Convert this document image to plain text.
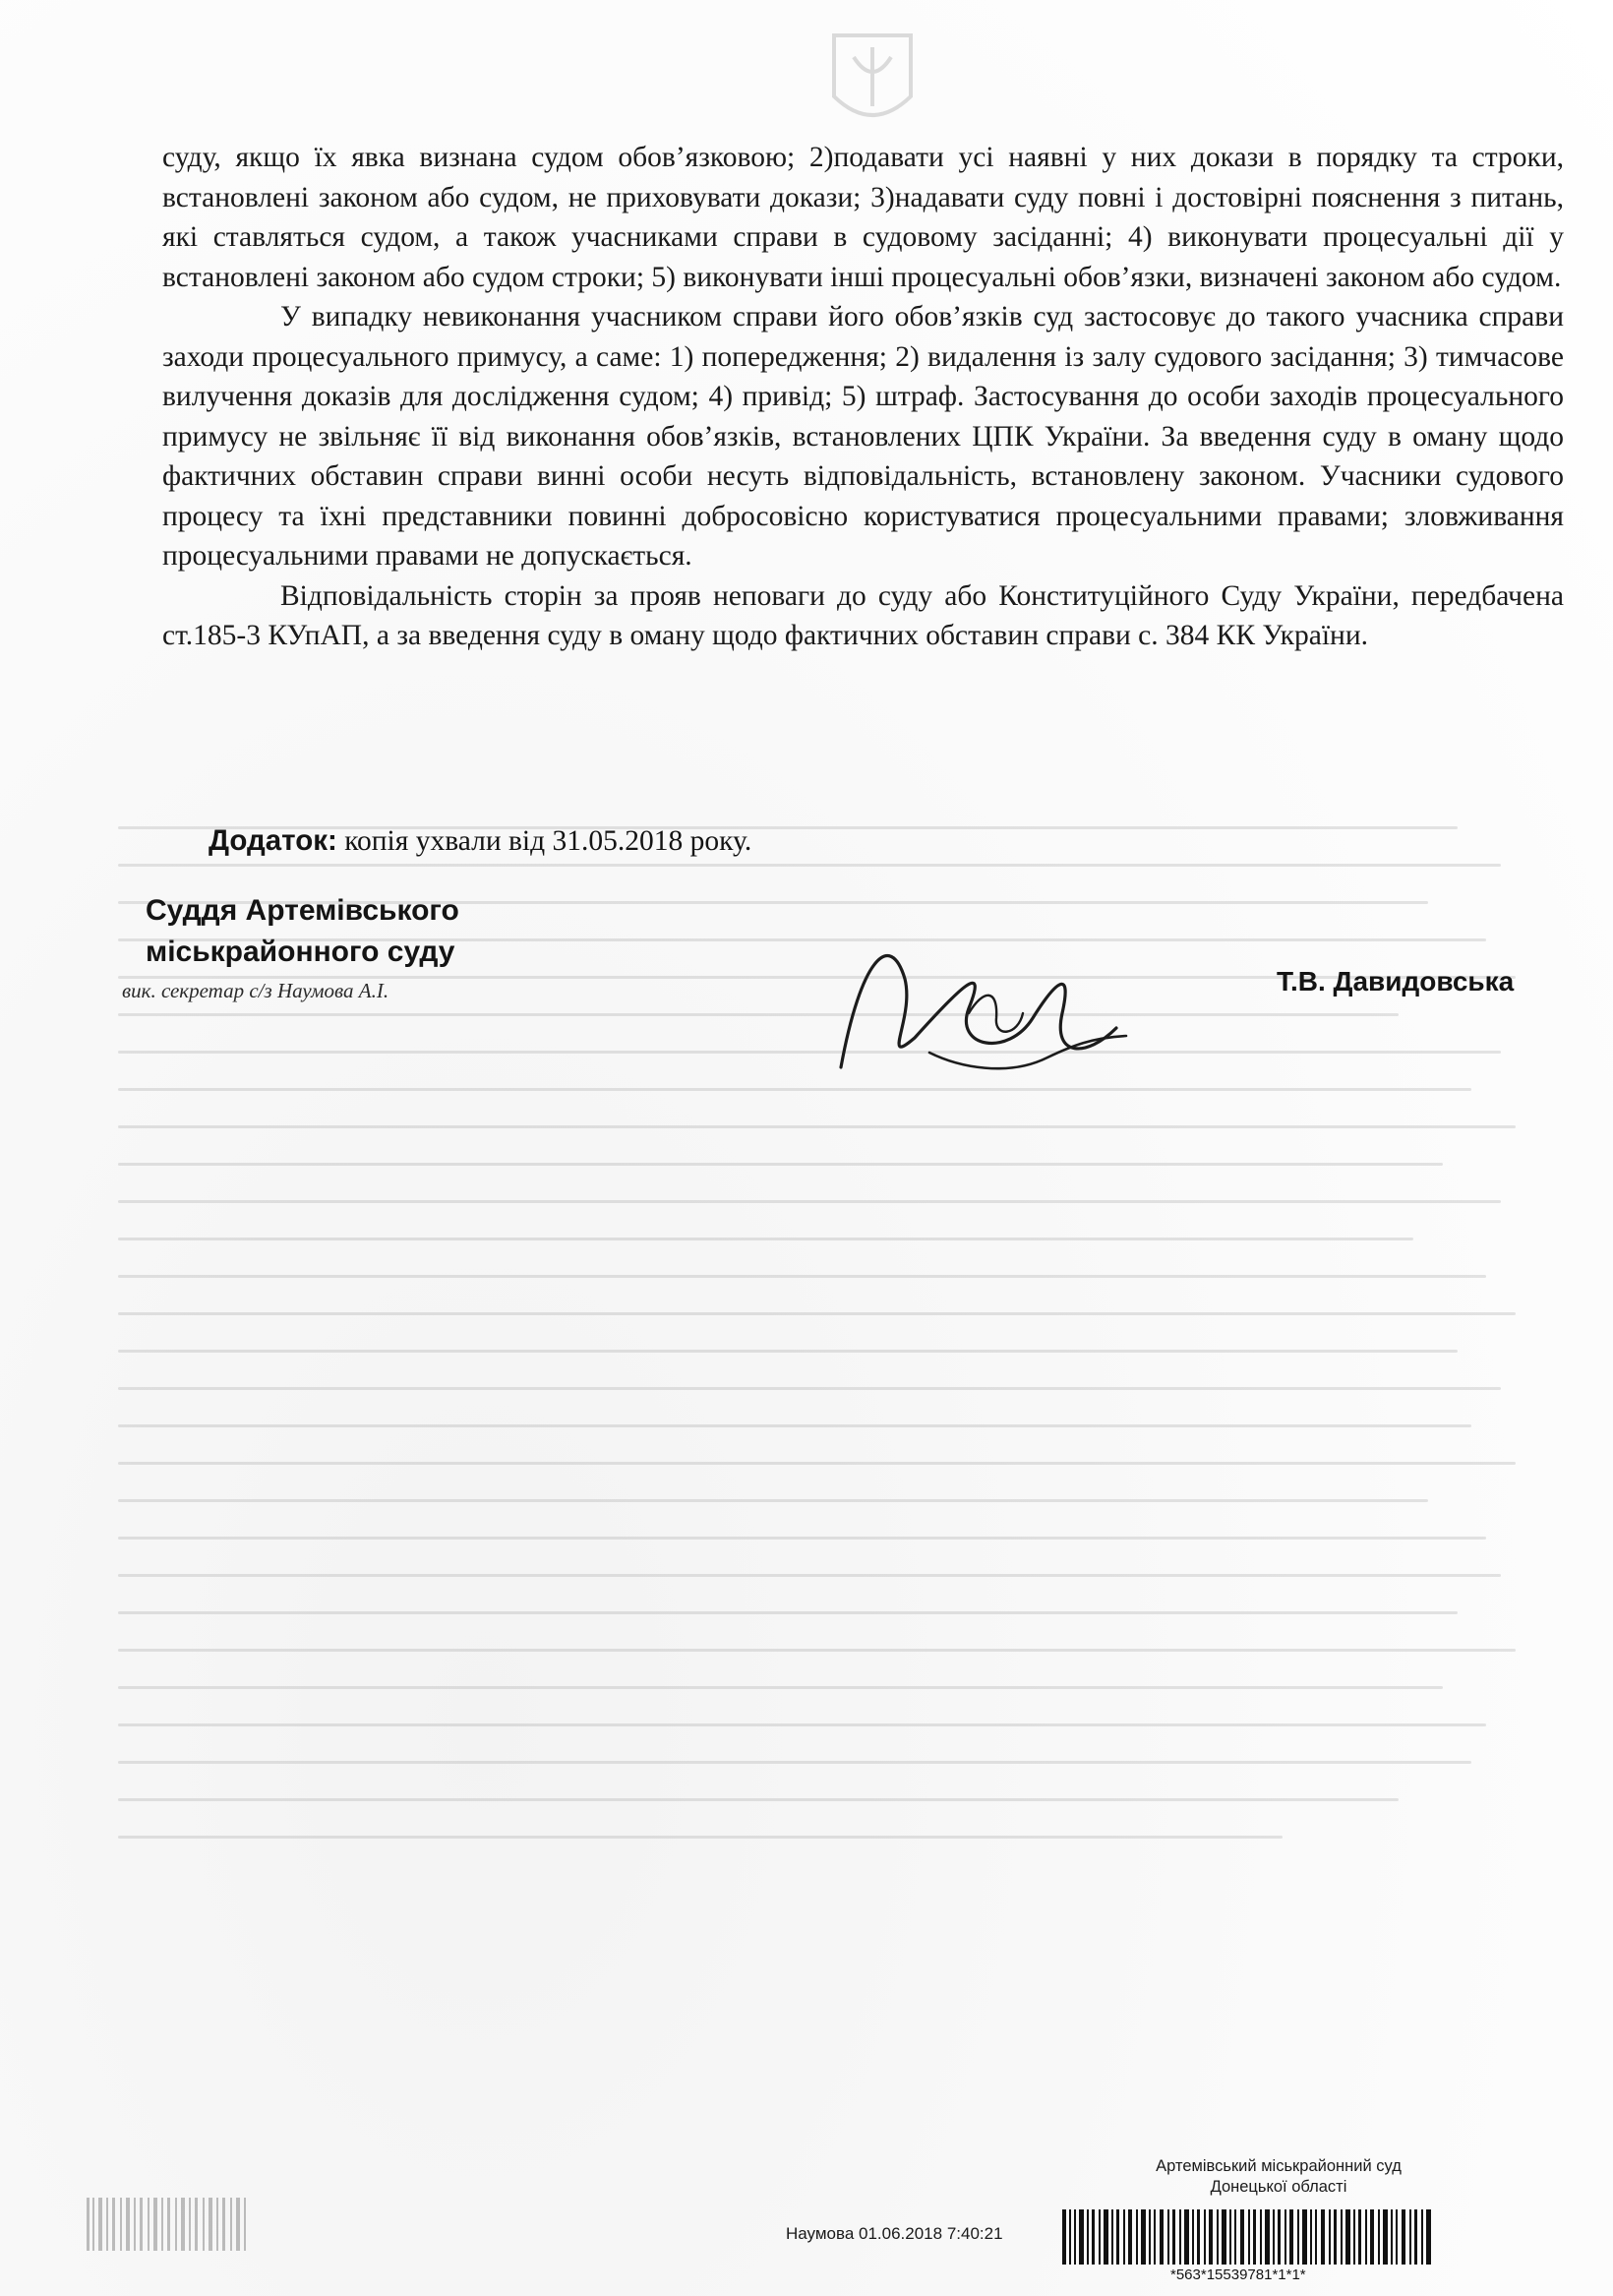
суду, якщо їх явка визнана судом обов’язковою; 2)подавати усі наявні у них докази в порядку та строки, встановлені законом або судом, не приховувати докази; 3)надавати суду повні і достовірні пояснення з питань, які ставляться судом, а також учасниками справи в судовому засіданні; 4) виконувати процесуальні дії у встановлені законом або судом строки; 5) виконувати інші процесуальні обов’язки, визначені законом або судом.

У випадку невиконання учасником справи його обов’язків суд застосовує до такого учасника справи заходи процесуального примусу, а саме: 1) попередження; 2) видалення із залу судового засідання; 3) тимчасове вилучення доказів для дослідження судом; 4) привід; 5) штраф. Застосування до особи заходів процесуального примусу не звільняє її від виконання обов’язків, встановлених ЦПК України. За введення суду в оману щодо фактичних обставин справи винні особи несуть відповідальність, встановлену законом. Учасники судового процесу та їхні представники повинні добросовісно користуватися процесуальними правами; зловживання процесуальними правами не допускається.

Відповідальність сторін за прояв неповаги до суду або Конституційного Суду України, передбачена ст.185-3 КУпАП, а за введення суду в оману щодо фактичних обставин справи с. 384 КК України.

Додаток: копія ухвали від 31.05.2018 року.
Суддя Артемівського
міськрайонного суду
вик. секретар с/з Наумова А.І.	Т.В. Давидовська
Артемівський міськрайонний суд
Донецької області
Наумова 01.06.2018 7:40:21
*563*15539781*1*1*
